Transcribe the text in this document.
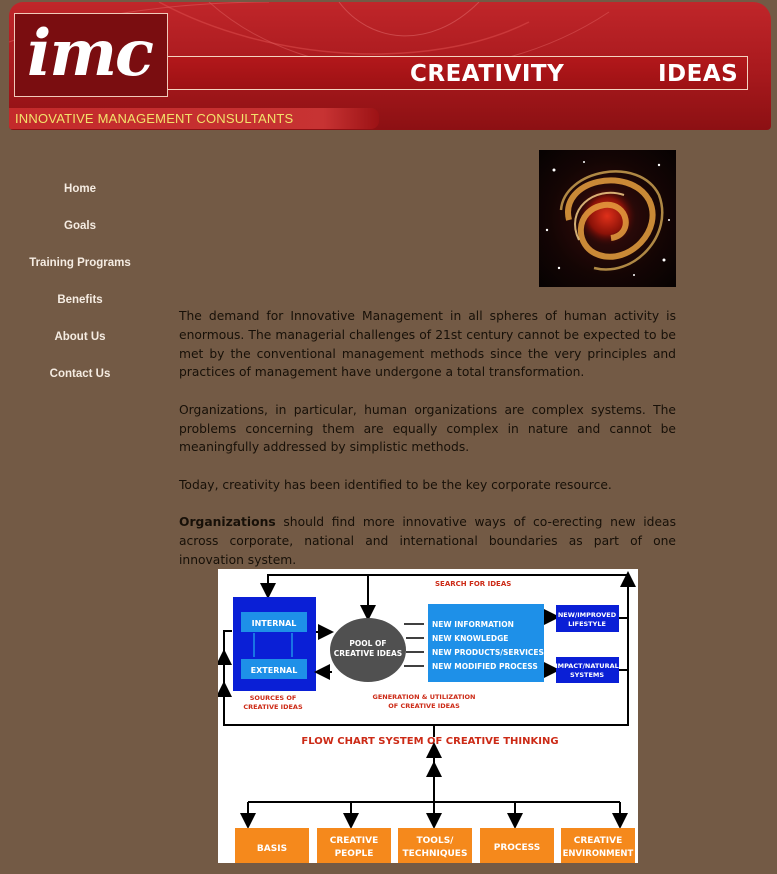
imc	CREATIVITY	IDEAS
INNOVATIVE MANAGEMENT CONSULTANTS
Home
Goals
Training Programs
Benefits
About Us
Contact Us

The demand for Innovative Management in all spheres of human activity is enormous. The managerial challenges of 21st century cannot be expected to be met by the conventional management methods since the very principles and practices of management have undergone a total transformation.

Organizations, in particular, human organizations are complex systems. The problems concerning them are equally complex in nature and cannot be meaningfully addressed by simplistic methods.

Today, creativity has been identified to be the key corporate resource.

Organizations should find more innovative ways of co-erecting new ideas across corporate, national and international boundaries as part of one innovation system.

SEARCH FOR IDEAS
INTERNAL
EXTERNAL
SOURCES OF
CREATIVE IDEAS
POOL OF
CREATIVE IDEAS
NEW INFORMATION
NEW KNOWLEDGE
NEW PRODUCTS/SERVICES
NEW MODIFIED PROCESS
NEW/IMPROVED
LIFESTYLE
IMPACT/NATURAL
SYSTEMS
GENERATION & UTILIZATION
OF CREATIVE IDEAS
FLOW CHART SYSTEM OF CREATIVE THINKING
BASIS
CREATIVE
PEOPLE
TOOLS/
TECHNIQUES
PROCESS
CREATIVE
ENVIRONMENT
